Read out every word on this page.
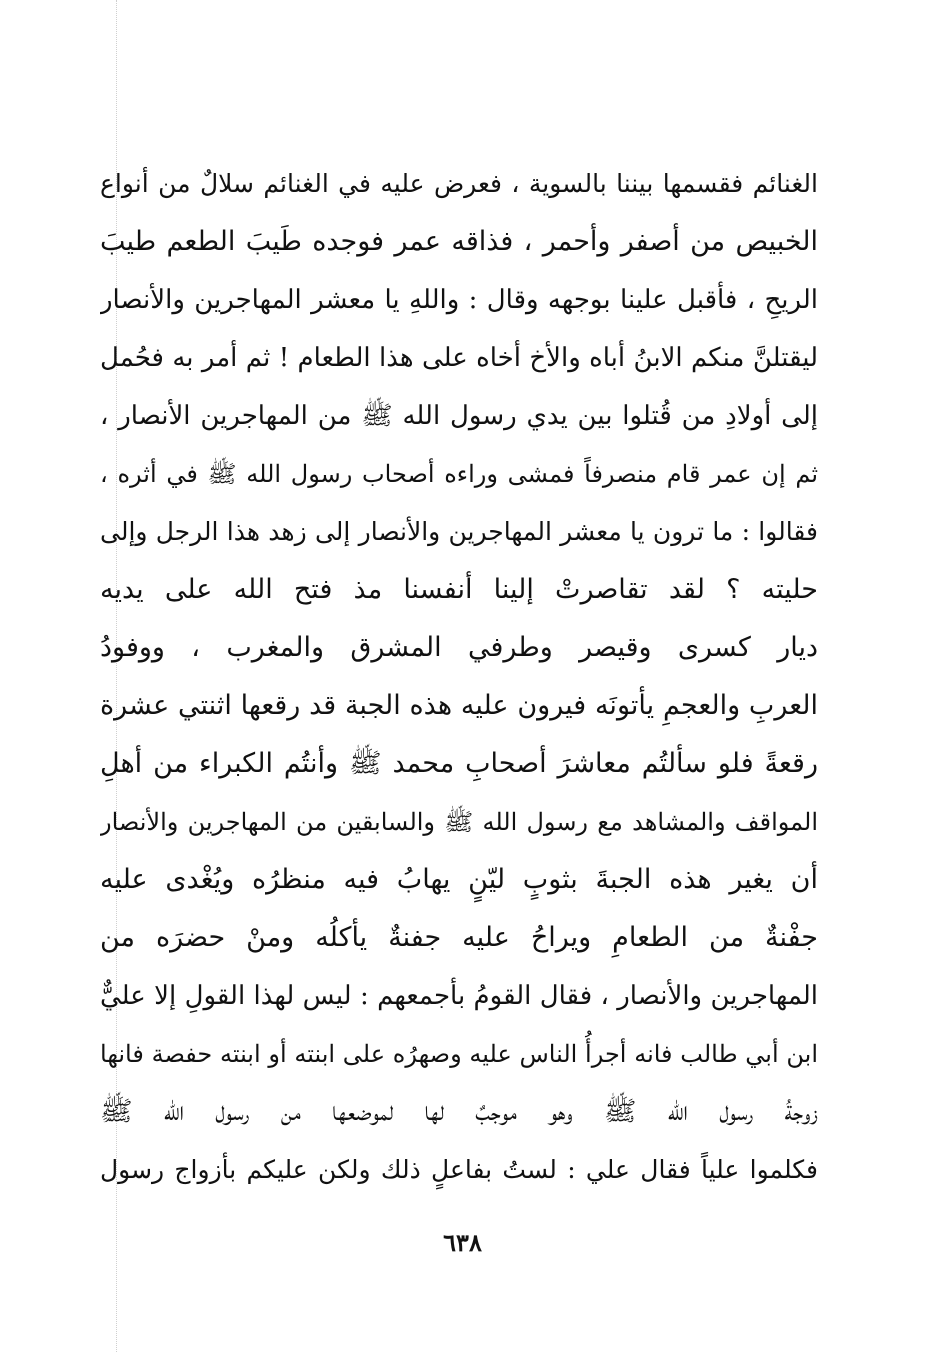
الغنائم فقسمها بيننا بالسوية ، فعرض عليه في الغنائم سلالٌ من أنواع
الخبيص من أصفر وأحمر ، فذاقه عمر فوجده طَيبَ الطعم طيبَ
الريحِ ، فأقبل علينا بوجهه وقال : واللهِ يا معشر المهاجرين والأنصار
ليقتلنَّ منكم الابنُ أباه والأخ أخاه على هذا الطعام ! ثم أمر به فحُمل
إلى أولادِ من قُتلوا بين يدي رسول الله ﷺ من المهاجرين الأنصار ،
ثم إن عمر قام منصرفاً فمشى وراءه أصحاب رسول الله ﷺ في أثره ،
فقالوا : ما ترون يا معشر المهاجرين والأنصار إلى زهد هذا الرجل وإلى
حليته ؟ لقد تقاصرتْ إلينا أنفسنا مذ فتح الله على يديه
ديار كسرى وقيصر وطرفي المشرق والمغرب ، ووفودُ
العربِ والعجمِ يأتونَه فيرون عليه هذه الجبة قد رقعها اثنتي عشرة
رقعةً فلو سألتُم معاشرَ أصحابِ محمد ﷺ وأنتُم الكبراء من أهلِ
المواقف والمشاهد مع رسول الله ﷺ والسابقين من المهاجرين والأنصار
أن يغير هذه الجبةَ بثوبٍ ليّنٍ يهابُ فيه منظرُه ويُغْدى عليه
جفْنةٌ من الطعامِ ويراحُ عليه جفنةٌ يأكلُه ومنْ حضرَه من
المهاجرين والأنصار ، فقال القومُ بأجمعهم : ليس لهذا القولِ إلا عليٌّ
ابن أبي طالب فانه أجرأُ الناس عليه وصهرُه على ابنته أو ابنته حفصة فانها
زوجةُ رسول الله ﷺ وهو موجبٌ لها لموضعها من رسول الله ﷺ
فكلموا علياً فقال علي : لستُ بفاعلٍ ذلك ولكن عليكم بأزواج رسول
٦٣٨
